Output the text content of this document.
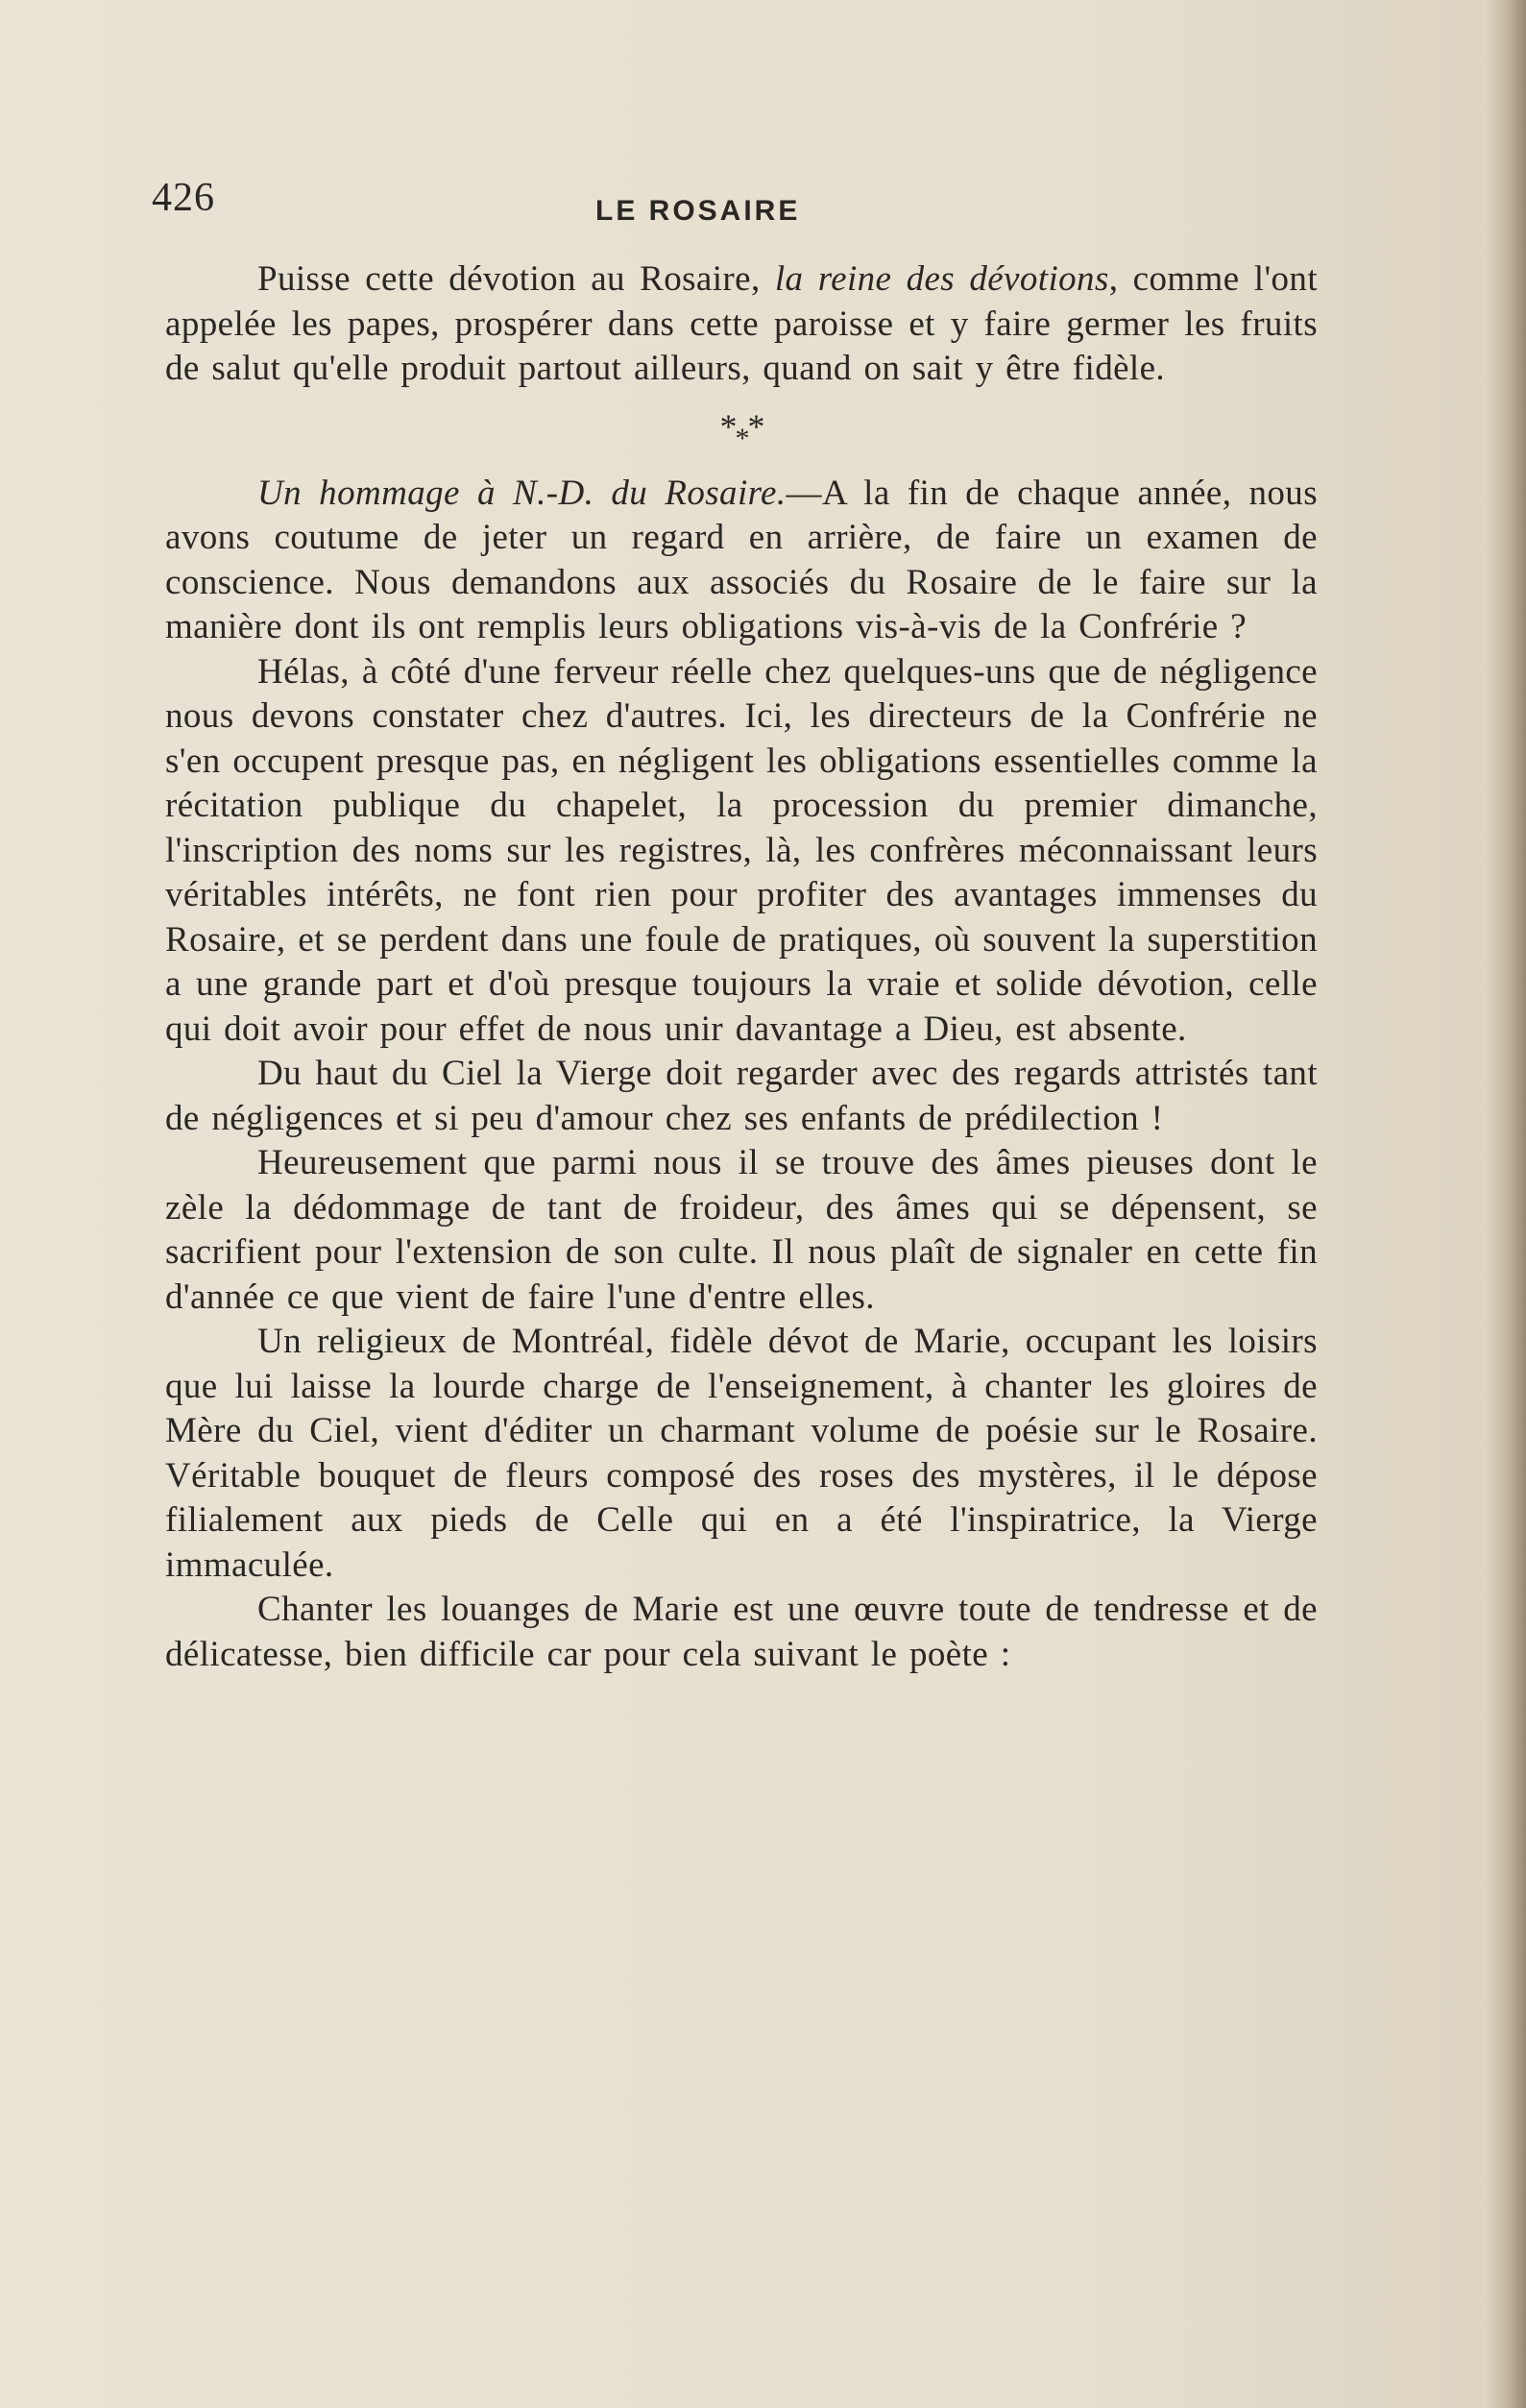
426	LE ROSAIRE

Puisse cette dévotion au Rosaire, la reine des dévotions, comme l'ont appelée les papes, prospérer dans cette paroisse et y faire germer les fruits de salut qu'elle produit partout ailleurs, quand on sait y être fidèle.

$*_**$

Un hommage à N.-D. du Rosaire.—A la fin de chaque année, nous avons coutume de jeter un regard en arrière, de faire un examen de conscience. Nous demandons aux associés du Rosaire de le faire sur la manière dont ils ont remplis leurs obligations vis-à-vis de la Confrérie ?

Hélas, à côté d'une ferveur réelle chez quelques-uns que de négligence nous devons constater chez d'autres. Ici, les directeurs de la Confrérie ne s'en occupent presque pas, en négligent les obligations essentielles comme la récitation publique du chapelet, la procession du premier dimanche, l'inscription des noms sur les registres, là, les confrères méconnaissant leurs véritables intérêts, ne font rien pour profiter des avantages immenses du Rosaire, et se perdent dans une foule de pratiques, où souvent la superstition a une grande part et d'où presque toujours la vraie et solide dévotion, celle qui doit avoir pour effet de nous unir davantage a Dieu, est absente.

Du haut du Ciel la Vierge doit regarder avec des regards attristés tant de négligences et si peu d'amour chez ses enfants de prédilection !

Heureusement que parmi nous il se trouve des âmes pieuses dont le zèle la dédommage de tant de froideur, des âmes qui se dépensent, se sacrifient pour l'extension de son culte. Il nous plaît de signaler en cette fin d'année ce que vient de faire l'une d'entre elles.

Un religieux de Montréal, fidèle dévot de Marie, occupant les loisirs que lui laisse la lourde charge de l'enseignement, à chanter les gloires de Mère du Ciel, vient d'éditer un charmant volume de poésie sur le Rosaire. Véritable bouquet de fleurs composé des roses des mystères, il le dépose filialement aux pieds de Celle qui en a été l'inspiratrice, la Vierge immaculée.

Chanter les louanges de Marie est une œuvre toute de tendresse et de délicatesse, bien difficile car pour cela suivant le poète :
